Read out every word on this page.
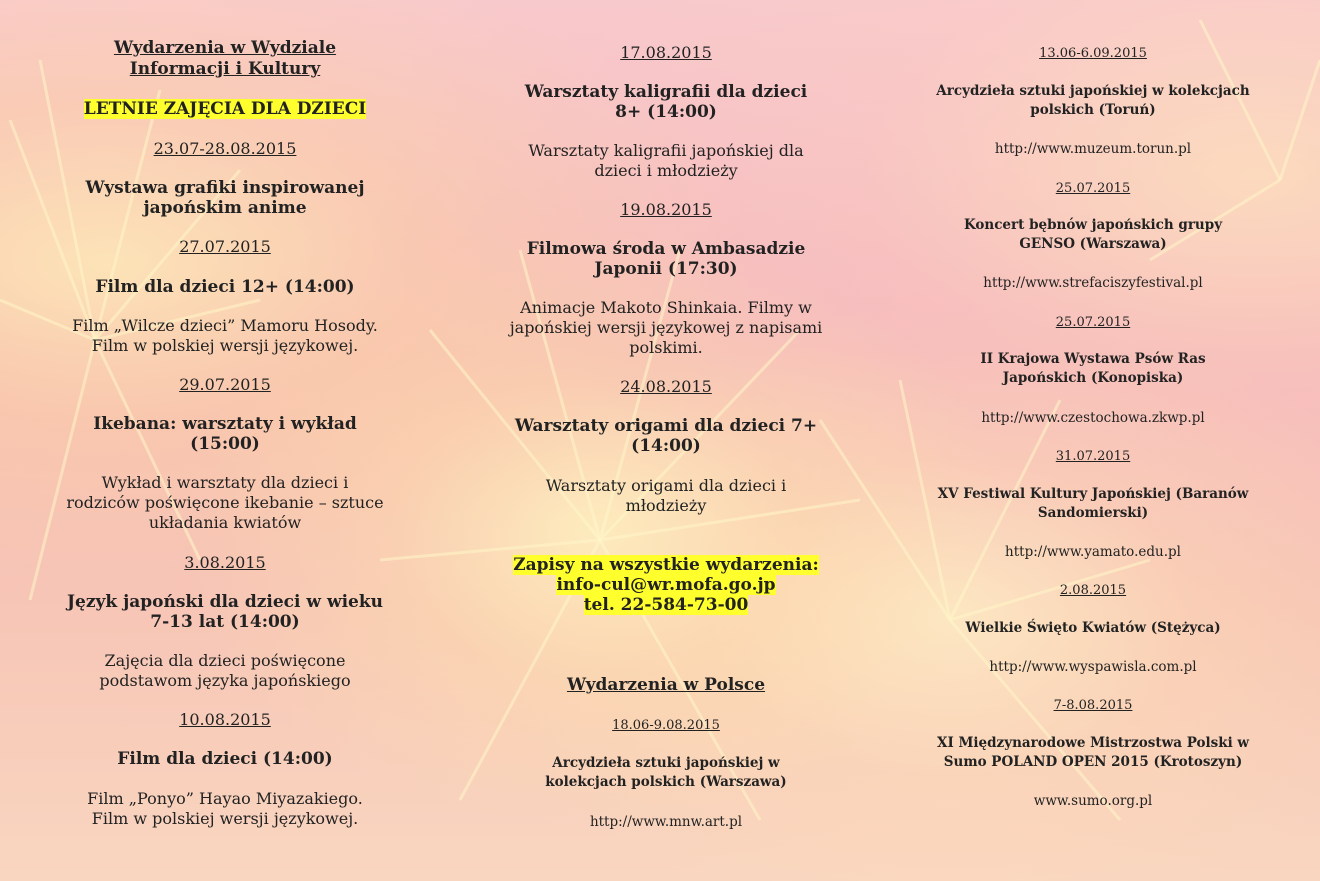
Wydarzenia w Wydziale
Informacji i Kultury
LETNIE ZAJĘCIA DLA DZIECI
23.07-28.08.2015
Wystawa grafiki inspirowanej
japońskim anime
27.07.2015
Film dla dzieci 12+ (14:00)
Film „Wilcze dzieci” Mamoru Hosody.
Film w polskiej wersji językowej.
29.07.2015
Ikebana: warsztaty i wykład
(15:00)
Wykład i warsztaty dla dzieci i
rodziców poświęcone ikebanie – sztuce
układania kwiatów
3.08.2015
Język japoński dla dzieci w wieku
7-13 lat (14:00)
Zajęcia dla dzieci poświęcone
podstawom języka japońskiego
10.08.2015
Film dla dzieci (14:00)
Film „Ponyo” Hayao Miyazakiego.
Film w polskiej wersji językowej.
17.08.2015
Warsztaty kaligrafii dla dzieci
8+ (14:00)
Warsztaty kaligrafii japońskiej dla
dzieci i młodzieży
19.08.2015
Filmowa środa w Ambasadzie
Japonii (17:30)
Animacje Makoto Shinkaia. Filmy w
japońskiej wersji językowej z napisami
polskimi.
24.08.2015
Warsztaty origami dla dzieci 7+
(14:00)
Warsztaty origami dla dzieci i
młodzieży
Zapisy na wszystkie wydarzenia:
info-cul@wr.mofa.go.jp
tel. 22-584-73-00
Wydarzenia w Polsce
18.06-9.08.2015
Arcydzieła sztuki japońskiej w
kolekcjach polskich (Warszawa)
http://www.mnw.art.pl
13.06-6.09.2015
Arcydzieła sztuki japońskiej w kolekcjach
polskich (Toruń)
http://www.muzeum.torun.pl
25.07.2015
Koncert bębnów japońskich grupy
GENSO (Warszawa)
http://www.strefaciszyfestival.pl
25.07.2015
II Krajowa Wystawa Psów Ras
Japońskich (Konopiska)
http://www.czestochowa.zkwp.pl
31.07.2015
XV Festiwal Kultury Japońskiej (Baranów
Sandomierski)
http://www.yamato.edu.pl
2.08.2015
Wielkie Święto Kwiatów (Stężyca)
http://www.wyspawisla.com.pl
7-8.08.2015
XI Międzynarodowe Mistrzostwa Polski w
Sumo POLAND OPEN 2015 (Krotoszyn)
www.sumo.org.pl
